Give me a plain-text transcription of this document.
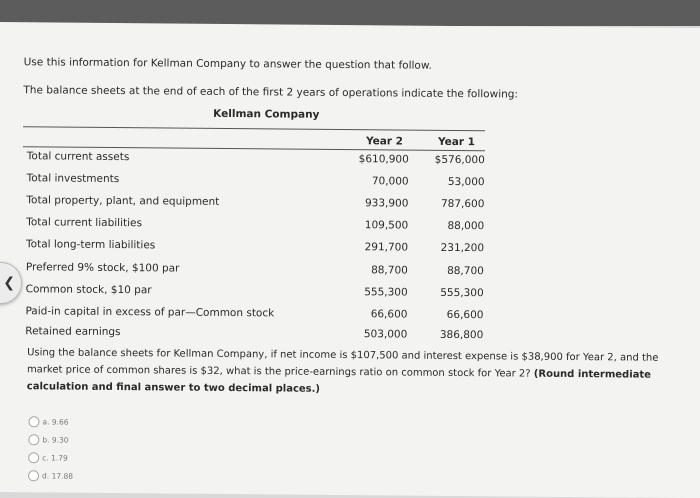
Use this information for Kellman Company to answer the question that follow.
The balance sheets at the end of each of the first 2 years of operations indicate the following:
Kellman Company
Year 2	Year 1
Total current assets	$610,900	$576,000
Total investments	70,000	53,000
Total property, plant, and equipment	933,900	787,600
Total current liabilities	109,500	88,000
Total long-term liabilities	291,700	231,200
Preferred 9% stock, $100 par	88,700	88,700
Common stock, $10 par	555,300	555,300
Paid-in capital in excess of par—Common stock	66,600	66,600
Retained earnings	503,000	386,800
Using the balance sheets for Kellman Company, if net income is $107,500 and interest expense is $38,900 for Year 2, and the market price of common shares is $32, what is the price-earnings ratio on common stock for Year 2? (Round intermediate calculation and final answer to two decimal places.)
a.
9.66
b.
9.30
c.
1.79
d.
17.88
❮
